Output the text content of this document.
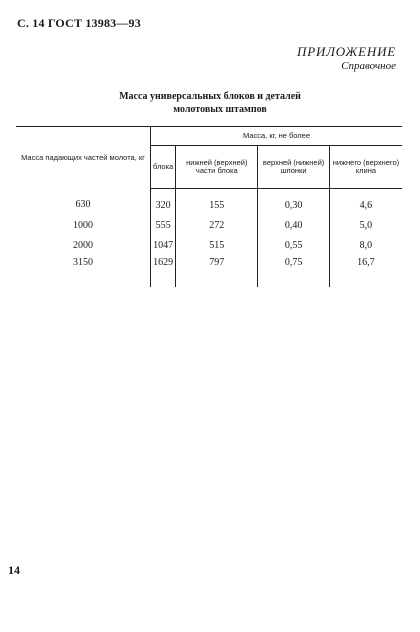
С. 14 ГОСТ 13983—93
ПРИЛОЖЕНИЕ
Справочное
Масса универсальных блоков и деталей
молотовых штампов
Масса падающих частей молота, кг	Масса, кг, не более			
	блока	нижней (верхней) части блока	верхней (нижней) шпонки	нижнего (верхнего) клина
630	320	155	0,30	4,6
1000	555	272	0,40	5,0
2000	1047	515	0,55	8,0
3150	1629	797	0,75	16,7
14
